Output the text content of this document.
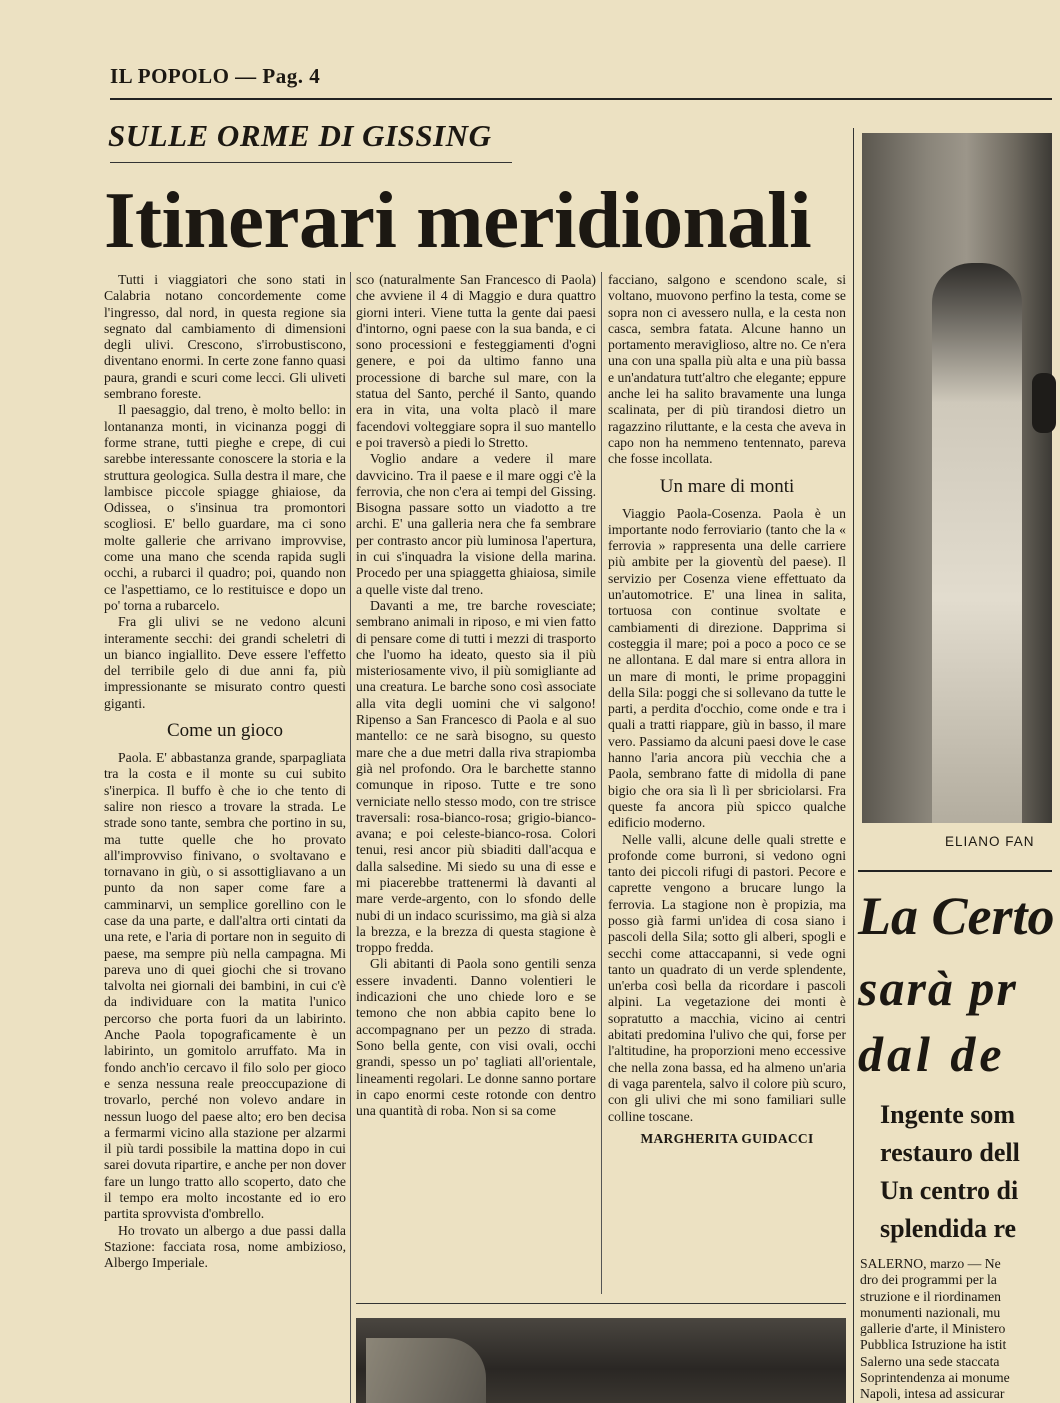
IL POPOLO — Pag. 4
SULLE ORME DI GISSING
Itinerari meridionali

Tutti i viaggiatori che sono stati in Calabria notano concordemente come l'ingresso, dal nord, in questa regione sia segnato dal cambiamento di dimensioni degli ulivi. Crescono, s'irrobustiscono, diventano enormi. In certe zone fanno quasi paura, grandi e scuri come lecci. Gli uliveti sembrano foreste.

Il paesaggio, dal treno, è molto bello: in lontananza monti, in vicinanza poggi di forme strane, tutti pieghe e crepe, di cui sarebbe interessante conoscere la storia e la struttura geologica. Sulla destra il mare, che lambisce piccole spiagge ghiaiose, da Odissea, o s'insinua tra promontori scogliosi. E' bello guardare, ma ci sono molte gallerie che arrivano improvvise, come una mano che scenda rapida sugli occhi, a rubarci il quadro; poi, quando non ce l'aspettiamo, ce lo restituisce e dopo un po' torna a rubarcelo.

Fra gli ulivi se ne vedono alcuni interamente secchi: dei grandi scheletri di un bianco ingiallito. Deve essere l'effetto del terribile gelo di due anni fa, più impressionante se misurato contro questi giganti.

Come un gioco

Paola. E' abbastanza grande, sparpagliata tra la costa e il monte su cui subito s'inerpica. Il buffo è che io che tento di salire non riesco a trovare la strada. Le strade sono tante, sembra che portino in su, ma tutte quelle che ho provato all'improvviso finivano, o svoltavano e tornavano in giù, o si assottigliavano a un punto da non saper come fare a camminarvi, un semplice gorellino con le case da una parte, e dall'altra orti cintati da una rete, e l'aria di portare non in seguito di paese, ma sempre più nella campagna. Mi pareva uno di quei giochi che si trovano talvolta nei giornali dei bambini, in cui c'è da individuare con la matita l'unico percorso che porta fuori da un labirinto. Anche Paola topograficamente è un labirinto, un gomitolo arruffato. Ma in fondo anch'io cercavo il filo solo per gioco e senza nessuna reale preoccupazione di trovarlo, perché non volevo andare in nessun luogo del paese alto; ero ben decisa a fermarmi vicino alla stazione per alzarmi il più tardi possibile la mattina dopo in cui sarei dovuta ripartire, e anche per non dover fare un lungo tratto allo scoperto, dato che il tempo era molto incostante ed io ero partita sprovvista d'ombrello.

Ho trovato un albergo a due passi dalla Stazione: facciata rosa, nome ambizioso, Albergo Imperiale.

sco (naturalmente San Francesco di Paola) che avviene il 4 di Maggio e dura quattro giorni interi. Viene tutta la gente dai paesi d'intorno, ogni paese con la sua banda, e ci sono processioni e festeggiamenti d'ogni genere, e poi da ultimo fanno una processione di barche sul mare, con la statua del Santo, perché il Santo, quando era in vita, una volta placò il mare facendovi volteggiare sopra il suo mantello e poi traversò a piedi lo Stretto.

Voglio andare a vedere il mare davvicino. Tra il paese e il mare oggi c'è la ferrovia, che non c'era ai tempi del Gissing. Bisogna passare sotto un viadotto a tre archi. E' una galleria nera che fa sembrare per contrasto ancor più luminosa l'apertura, in cui s'inquadra la visione della marina. Procedo per una spiaggetta ghiaiosa, simile a quelle viste dal treno.

Davanti a me, tre barche rovesciate; sembrano animali in riposo, e mi vien fatto di pensare come di tutti i mezzi di trasporto che l'uomo ha ideato, questo sia il più misteriosamente vivo, il più somigliante ad una creatura. Le barche sono così associate alla vita degli uomini che vi salgono! Ripenso a San Francesco di Paola e al suo mantello: ce ne sarà bisogno, su questo mare che a due metri dalla riva strapiomba già nel profondo. Ora le barchette stanno comunque in riposo. Tutte e tre sono verniciate nello stesso modo, con tre strisce traversali: rosa-bianco-rosa; grigio-bianco-avana; e poi celeste-bianco-rosa. Colori tenui, resi ancor più sbiaditi dall'acqua e dalla salsedine. Mi siedo su una di esse e mi piacerebbe trattenermi là davanti al mare verde-argento, con lo sfondo delle nubi di un indaco scurissimo, ma già si alza la brezza, e la brezza di questa stagione è troppo fredda.

Gli abitanti di Paola sono gentili senza essere invadenti. Danno volentieri le indicazioni che uno chiede loro e se temono che non abbia capito bene lo accompagnano per un pezzo di strada. Sono bella gente, con visi ovali, occhi grandi, spesso un po' tagliati all'orientale, lineamenti regolari. Le donne sanno portare in capo enormi ceste rotonde con dentro una quantità di roba. Non si sa come

facciano, salgono e scendono scale, si voltano, muovono perfino la testa, come se sopra non ci avessero nulla, e la cesta non casca, sembra fatata. Alcune hanno un portamento meraviglioso, altre no. Ce n'era una con una spalla più alta e una più bassa e un'andatura tutt'altro che elegante; eppure anche lei ha salito bravamente una lunga scalinata, per di più tirandosi dietro un ragazzino riluttante, e la cesta che aveva in capo non ha nemmeno tentennato, pareva che fosse incollata.

Un mare di monti

Viaggio Paola-Cosenza. Paola è un importante nodo ferroviario (tanto che la « ferrovia » rappresenta una delle carriere più ambite per la gioventù del paese). Il servizio per Cosenza viene effettuato da un'automotrice. E' una linea in salita, tortuosa con continue svoltate e cambiamenti di direzione. Dapprima si costeggia il mare; poi a poco a poco ce se ne allontana. E dal mare si entra allora in un mare di monti, le prime propaggini della Sila: poggi che si sollevano da tutte le parti, a perdita d'occhio, come onde e tra i quali a tratti riappare, giù in basso, il mare vero. Passiamo da alcuni paesi dove le case hanno l'aria ancora più vecchia che a Paola, sembrano fatte di midolla di pane bigio che ora sia lì lì per sbriciolarsi. Fra queste fa ancora più spicco qualche edificio moderno.

Nelle valli, alcune delle quali strette e profonde come burroni, si vedono ogni tanto dei piccoli rifugi di pastori. Pecore e caprette vengono a brucare lungo la ferrovia. La stagione non è propizia, ma posso già farmi un'idea di cosa siano i pascoli della Sila; sotto gli alberi, spogli e secchi come attaccapanni, si vede ogni tanto un quadrato di un verde splendente, un'erba così bella da ricordare i pascoli alpini. La vegetazione dei monti è sopratutto a macchia, vicino ai centri abitati predomina l'ulivo che qui, forse per l'altitudine, ha proporzioni meno eccessive che nella zona bassa, ed ha almeno un'aria di vaga parentela, salvo il colore più scuro, con gli ulivi che mi sono familiari sulle colline toscane.

MARGHERITA GUIDACCI
ELIANO FAN
La Certo
sarà pr
dal de
Ingente som
restauro dell
Un centro di
splendida re
SALERNO, marzo — Ne
dro dei programmi per la
struzione e il riordinamen
monumenti nazionali, mu
gallerie d'arte, il Ministero
Pubblica Istruzione ha istit
Salerno una sede staccata
Soprintendenza ai monume
Napoli, intesa ad assicurar
